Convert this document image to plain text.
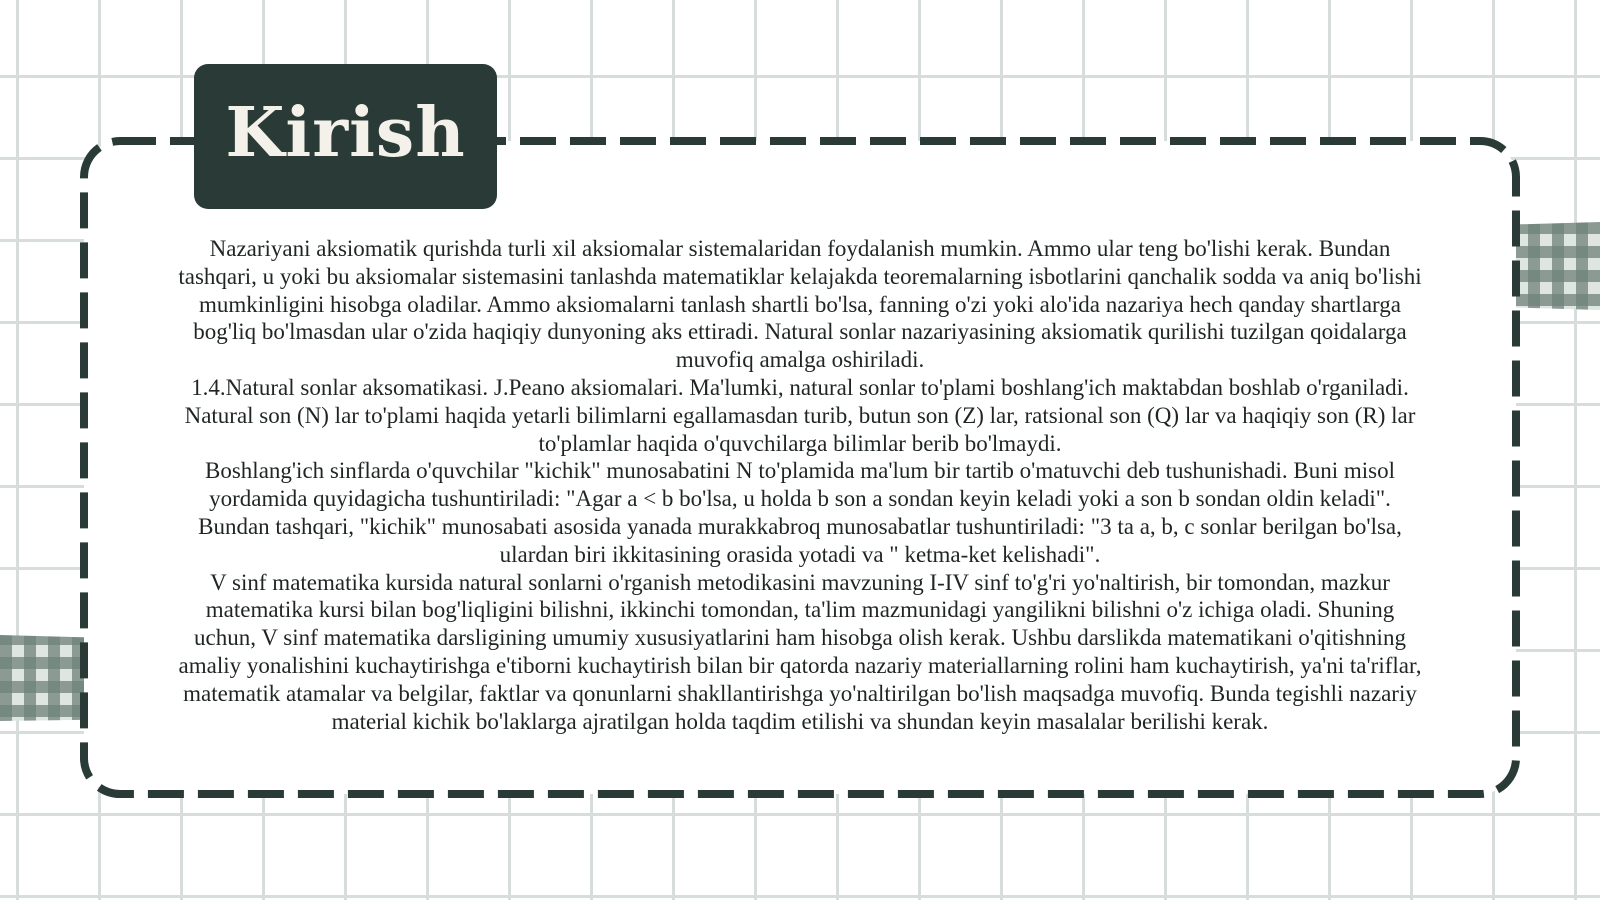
Kirish

Nazariyani aksiomatik qurishda turli xil aksiomalar sistemalaridan foydalanish mumkin. Ammo ular teng bo'lishi kerak. Bundan tashqari, u yoki bu aksiomalar sistemasini tanlashda matematiklar kelajakda teoremalarning isbotlarini qanchalik sodda va aniq bo'lishi mumkinligini hisobga oladilar. Ammo aksiomalarni tanlash shartli bo'lsa, fanning o'zi yoki alo'ida nazariya hech qanday shartlarga bog'liq bo'lmasdan ular o'zida haqiqiy dunyoning aks ettiradi. Natural sonlar nazariyasining aksiomatik qurilishi tuzilgan qoidalarga muvofiq amalga oshiriladi.

1.4.Natural sonlar aksomatikasi. J.Peano aksiomalari. Ma'lumki, natural sonlar to'plami boshlang'ich maktabdan boshlab o'rganiladi. Natural son (N) lar to'plami haqida yetarli bilimlarni egallamasdan turib, butun son (Z) lar, ratsional son (Q) lar va haqiqiy son (R) lar to'plamlar haqida o'quvchilarga bilimlar berib bo'lmaydi.

Boshlang'ich sinflarda o'quvchilar "kichik" munosabatini N to'plamida ma'lum bir tartib o'matuvchi deb tushunishadi. Buni misol yordamida quyidagicha tushuntiriladi: "Agar a < b bo'lsa, u holda b son a sondan keyin keladi yoki a son b sondan oldin keladi". Bundan tashqari, "kichik" munosabati asosida yanada murakkabroq munosabatlar tushuntiriladi: "3 ta a, b, c sonlar berilgan bo'lsa, ulardan biri ikkitasining orasida yotadi va " ketma-ket kelishadi".

V sinf matematika kursida natural sonlarni o'rganish metodikasini mavzuning I-IV sinf to'g'ri yo'naltirish, bir tomondan, mazkur matematika kursi bilan bog'liqligini bilishni, ikkinchi tomondan, ta'lim mazmunidagi yangilikni bilishni o'z ichiga oladi. Shuning uchun, V sinf matematika darsligining umumiy xususiyatlarini ham hisobga olish kerak. Ushbu darslikda matematikani o'qitishning amaliy yonalishini kuchaytirishga e'tiborni kuchaytirish bilan bir qatorda nazariy materiallarning rolini ham kuchaytirish, ya'ni ta'riflar, matematik atamalar va belgilar, faktlar va qonunlarni shakllantirishga yo'naltirilgan bo'lish maqsadga muvofiq. Bunda tegishli nazariy material kichik bo'laklarga ajratilgan holda taqdim etilishi va shundan keyin masalalar berilishi kerak.
